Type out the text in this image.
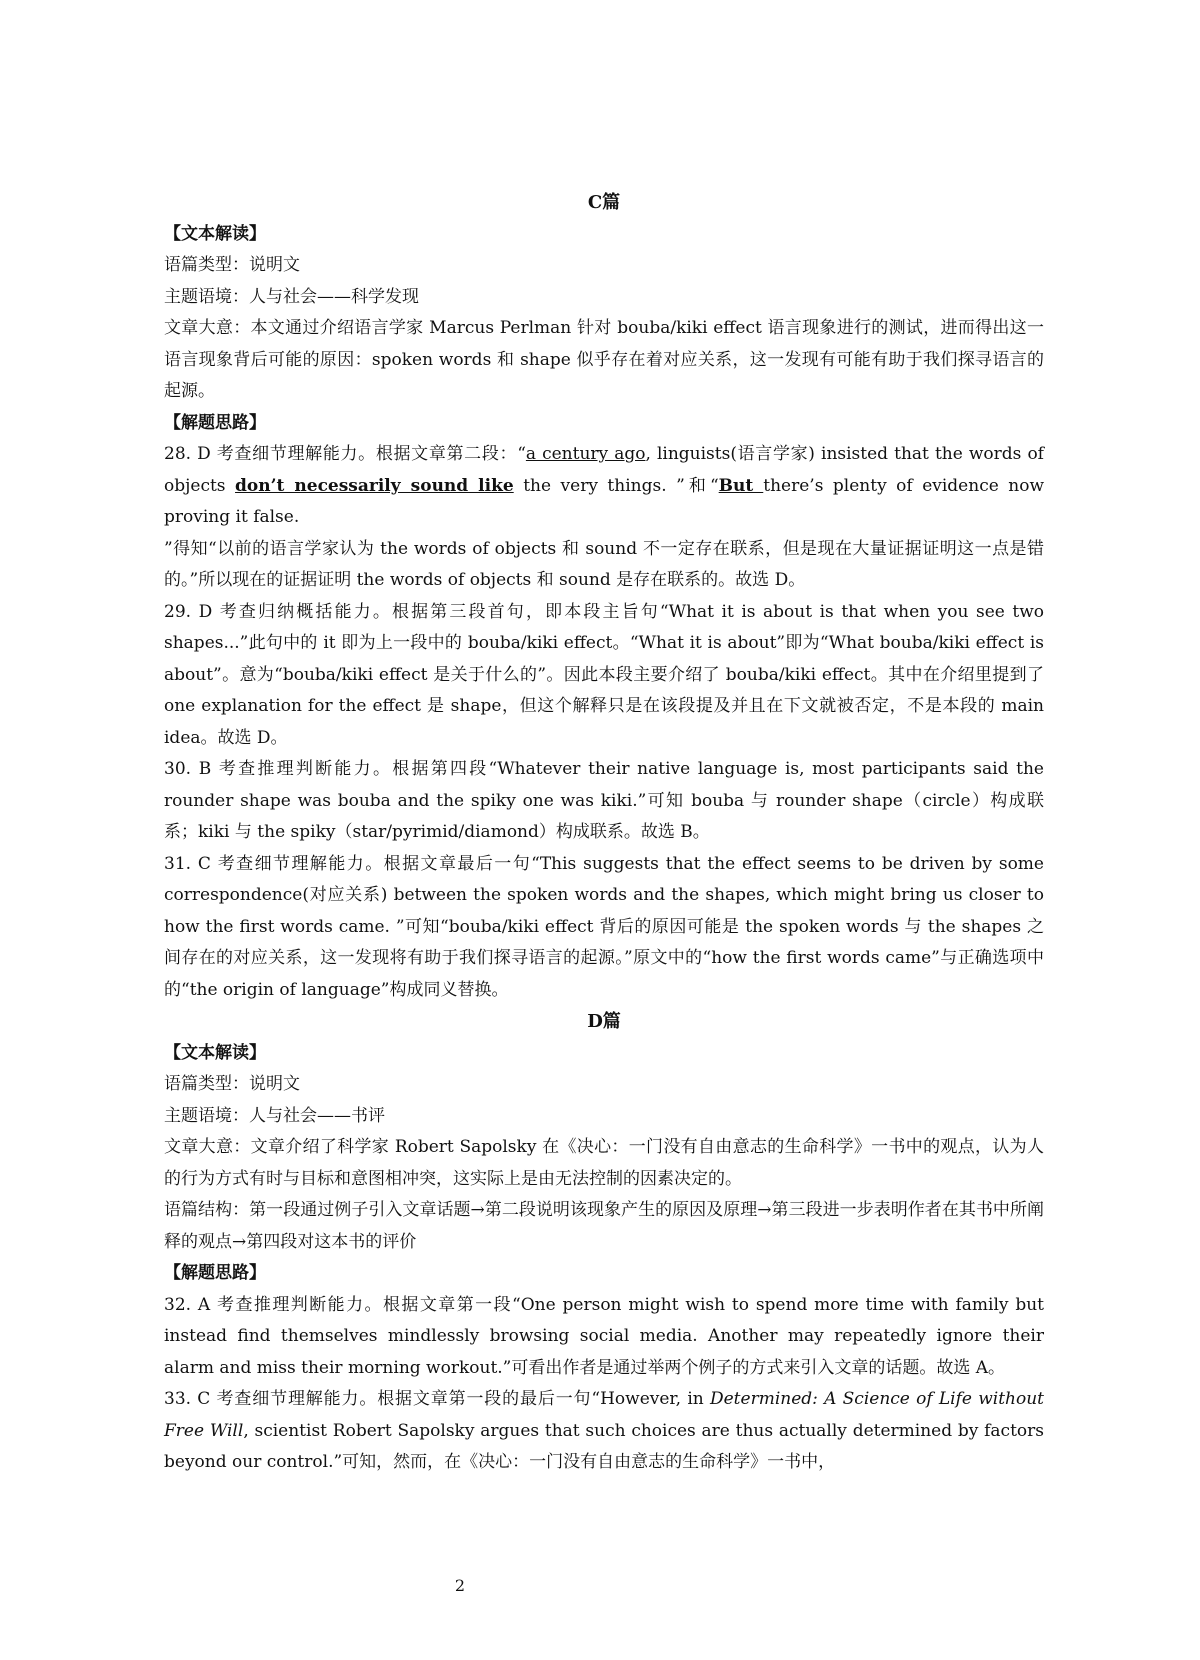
C篇

【文本解读】

语篇类型：说明文

主题语境：人与社会——科学发现

文章大意：本文通过介绍语言学家 Marcus Perlman 针对 bouba/kiki effect 语言现象进行的测试，进而得出这一语言现象背后可能的原因：spoken words 和 shape 似乎存在着对应关系，这一发现有可能有助于我们探寻语言的起源。

【解题思路】

28. D 考查细节理解能力。根据文章第二段：“a century ago, linguists(语言学家) insisted that the words of objects don’t necessarily sound like the very things. ”和“But there’s plenty of evidence now proving it false.

”得知“以前的语言学家认为 the words of objects 和 sound 不一定存在联系，但是现在大量证据证明这一点是错的。”所以现在的证据证明 the words of objects 和 sound 是存在联系的。故选 D。

29. D 考查归纳概括能力。根据第三段首句，即本段主旨句“What it is about is that when you see two shapes...”此句中的 it 即为上一段中的 bouba/kiki effect。“What it is about”即为“What bouba/kiki effect is about”。意为“bouba/kiki effect 是关于什么的”。因此本段主要介绍了 bouba/kiki effect。其中在介绍里提到了 one explanation for the effect 是 shape，但这个解释只是在该段提及并且在下文就被否定，不是本段的 main idea。故选 D。

30. B 考查推理判断能力。根据第四段“Whatever their native language is, most participants said the rounder shape was bouba and the spiky one was kiki.”可知 bouba 与 rounder shape（circle）构成联系；kiki 与 the spiky（star/pyrimid/diamond）构成联系。故选 B。

31. C 考查细节理解能力。根据文章最后一句“This suggests that the effect seems to be driven by some correspondence(对应关系) between the spoken words and the shapes, which might bring us closer to how the first words came. ”可知“bouba/kiki effect 背后的原因可能是 the spoken words 与 the shapes 之间存在的对应关系，这一发现将有助于我们探寻语言的起源。”原文中的“how the first words came”与正确选项中的“the origin of language”构成同义替换。

D篇

【文本解读】

语篇类型：说明文

主题语境：人与社会——书评

文章大意：文章介绍了科学家 Robert Sapolsky 在《决心：一门没有自由意志的生命科学》一书中的观点，认为人的行为方式有时与目标和意图相冲突，这实际上是由无法控制的因素决定的。

语篇结构：第一段通过例子引入文章话题→第二段说明该现象产生的原因及原理→第三段进一步表明作者在其书中所阐释的观点→第四段对这本书的评价

【解题思路】

32. A 考查推理判断能力。根据文章第一段“One person might wish to spend more time with family but instead find themselves mindlessly browsing social media. Another may repeatedly ignore their alarm and miss their morning workout.”可看出作者是通过举两个例子的方式来引入文章的话题。故选 A。

33. C 考查细节理解能力。根据文章第一段的最后一句“However, in Determined: A Science of Life without Free Will, scientist Robert Sapolsky argues that such choices are thus actually determined by factors beyond our control.”可知，然而，在《决心：一门没有自由意志的生命科学》一书中，

2
